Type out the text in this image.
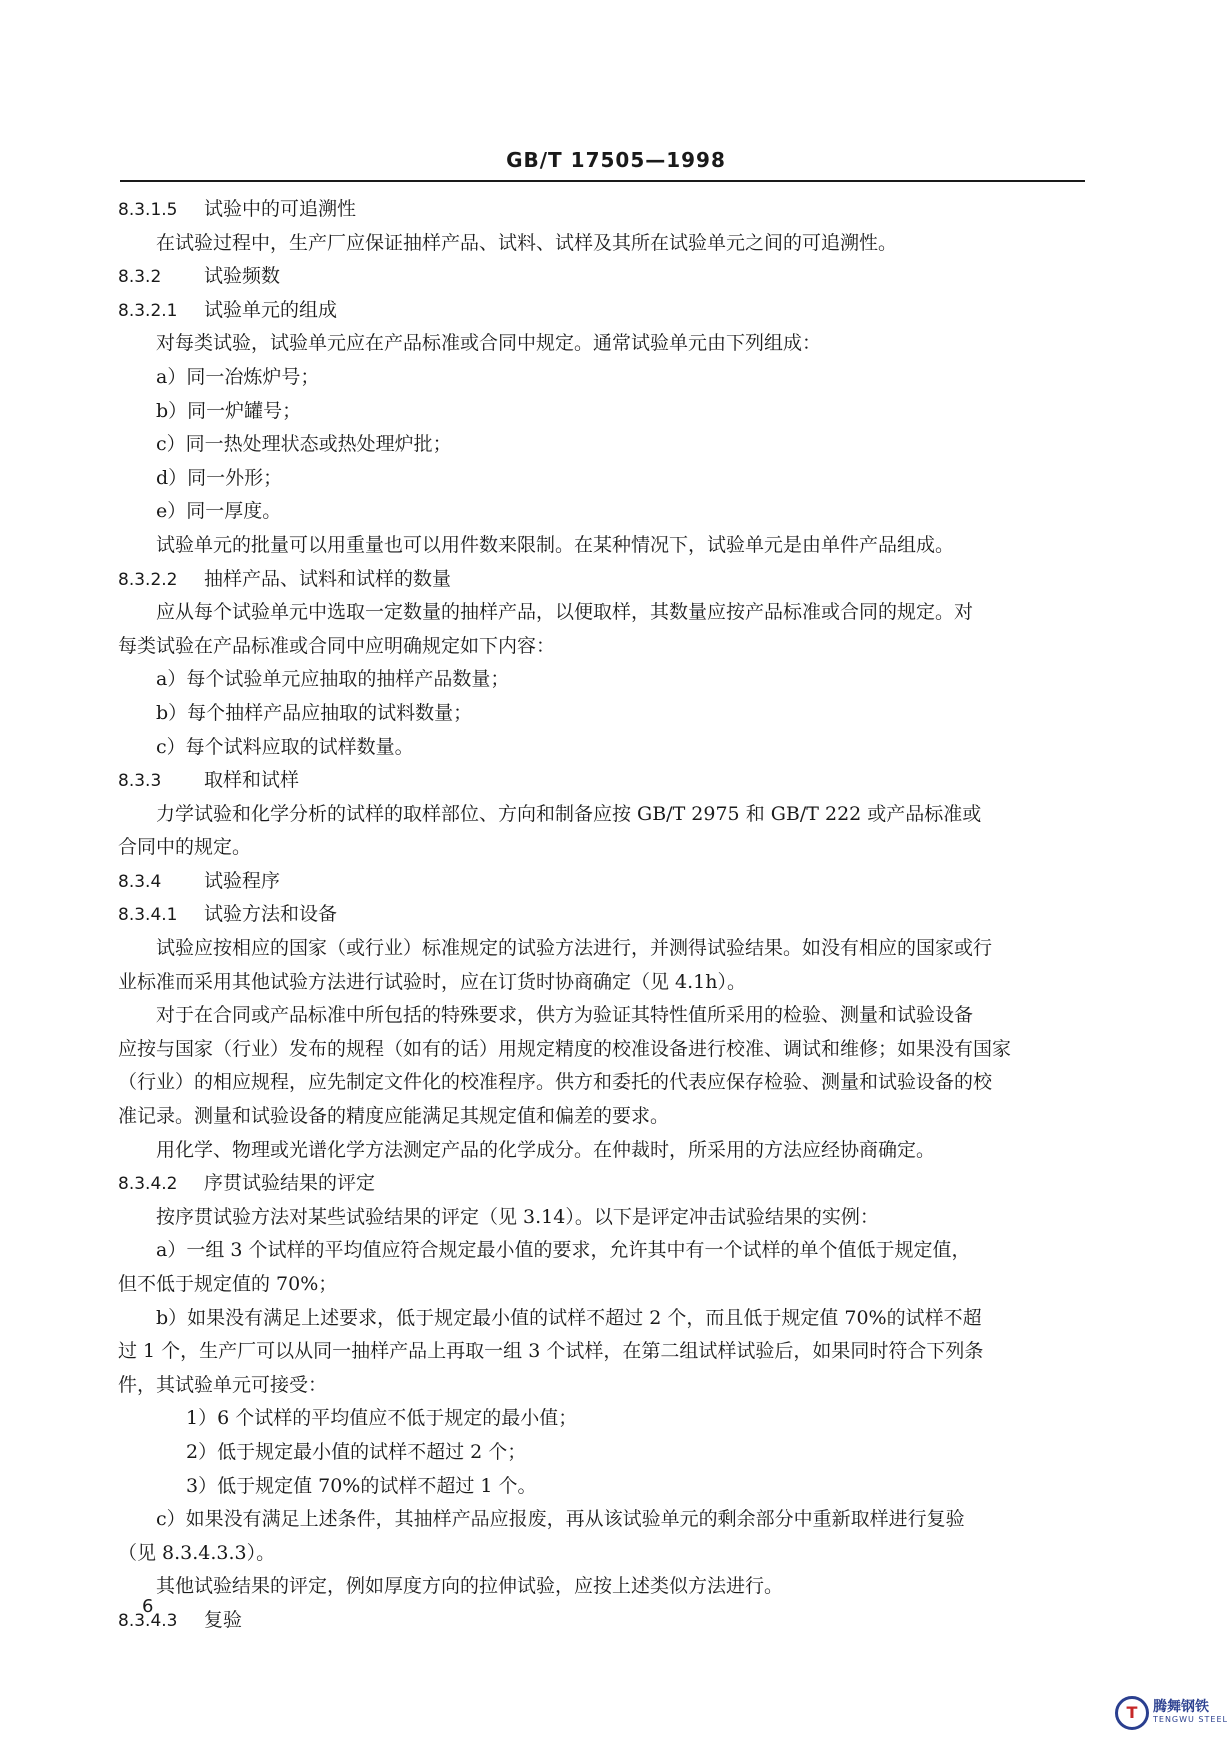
GB/T 17505—1998
8.3.1.5 试验中的可追溯性
在试验过程中，生产厂应保证抽样产品、试料、试样及其所在试验单元之间的可追溯性。
8.3.2 试验频数
8.3.2.1 试验单元的组成
对每类试验，试验单元应在产品标准或合同中规定。通常试验单元由下列组成：
a）同一冶炼炉号；
b）同一炉罐号；
c）同一热处理状态或热处理炉批；
d）同一外形；
e）同一厚度。
试验单元的批量可以用重量也可以用件数来限制。在某种情况下，试验单元是由单件产品组成。
8.3.2.2 抽样产品、试料和试样的数量
应从每个试验单元中选取一定数量的抽样产品，以便取样，其数量应按产品标准或合同的规定。对
每类试验在产品标准或合同中应明确规定如下内容：
a）每个试验单元应抽取的抽样产品数量；
b）每个抽样产品应抽取的试料数量；
c）每个试料应取的试样数量。
8.3.3 取样和试样
力学试验和化学分析的试样的取样部位、方向和制备应按 GB/T 2975 和 GB/T 222 或产品标准或
合同中的规定。
8.3.4 试验程序
8.3.4.1 试验方法和设备
试验应按相应的国家（或行业）标准规定的试验方法进行，并测得试验结果。如没有相应的国家或行
业标准而采用其他试验方法进行试验时，应在订货时协商确定（见 4.1h）。
对于在合同或产品标准中所包括的特殊要求，供方为验证其特性值所采用的检验、测量和试验设备
应按与国家（行业）发布的规程（如有的话）用规定精度的校准设备进行校准、调试和维修；如果没有国家
（行业）的相应规程，应先制定文件化的校准程序。供方和委托的代表应保存检验、测量和试验设备的校
准记录。测量和试验设备的精度应能满足其规定值和偏差的要求。
用化学、物理或光谱化学方法测定产品的化学成分。在仲裁时，所采用的方法应经协商确定。
8.3.4.2 序贯试验结果的评定
按序贯试验方法对某些试验结果的评定（见 3.14）。以下是评定冲击试验结果的实例：
a）一组 3 个试样的平均值应符合规定最小值的要求，允许其中有一个试样的单个值低于规定值，
但不低于规定值的 70%；
b）如果没有满足上述要求，低于规定最小值的试样不超过 2 个，而且低于规定值 70%的试样不超
过 1 个，生产厂可以从同一抽样产品上再取一组 3 个试样，在第二组试样试验后，如果同时符合下列条
件，其试验单元可接受：
1）6 个试样的平均值应不低于规定的最小值；
2）低于规定最小值的试样不超过 2 个；
3）低于规定值 70%的试样不超过 1 个。
c）如果没有满足上述条件，其抽样产品应报废，再从该试验单元的剩余部分中重新取样进行复验
（见 8.3.4.3.3）。
其他试验结果的评定，例如厚度方向的拉伸试验，应按上述类似方法进行。
8.3.4.3 复验
6
T	腾舞钢铁
TENGWU STEEL
